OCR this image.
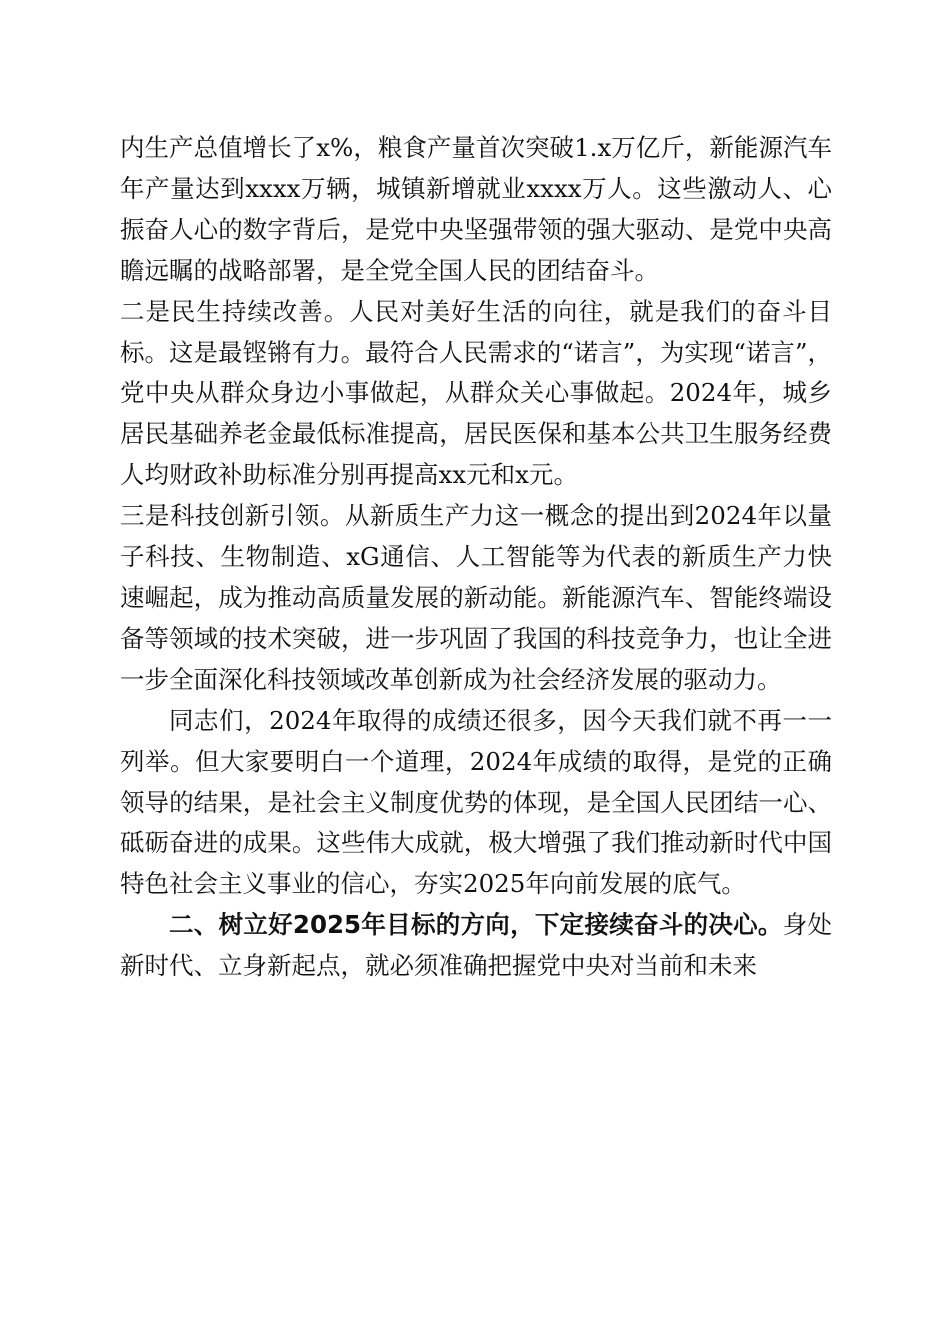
内生产总值增长了x%，粮食产量首次突破1.x万亿斤，新能源汽车年产量达到xxxx万辆，城镇新增就业xxxx万人。这些激动人、心振奋人心的数字背后，是党中央坚强带领的强大驱动、是党中央高瞻远瞩的战略部署，是全党全国人民的团结奋斗。

二是民生持续改善。人民对美好生活的向往，就是我们的奋斗目标。这是最铿锵有力。最符合人民需求的“诺言”，为实现“诺言”，党中央从群众身边小事做起，从群众关心事做起。2024年，城乡居民基础养老金最低标准提高，居民医保和基本公共卫生服务经费人均财政补助标准分别再提高xx元和x元。

三是科技创新引领。从新质生产力这一概念的提出到2024年以量子科技、生物制造、xG通信、人工智能等为代表的新质生产力快速崛起，成为推动高质量发展的新动能。新能源汽车、智能终端设备等领域的技术突破，进一步巩固了我国的科技竞争力，也让全进一步全面深化科技领域改革创新成为社会经济发展的驱动力。

同志们，2024年取得的成绩还很多，因今天我们就不再一一列举。但大家要明白一个道理，2024年成绩的取得，是党的正确领导的结果，是社会主义制度优势的体现，是全国人民团结一心、砥砺奋进的成果。这些伟大成就，极大增强了我们推动新时代中国特色社会主义事业的信心，夯实2025年向前发展的底气。

二、树立好2025年目标的方向，下定接续奋斗的决心。身处新时代、立身新起点，就必须准确把握党中央对当前和未来
